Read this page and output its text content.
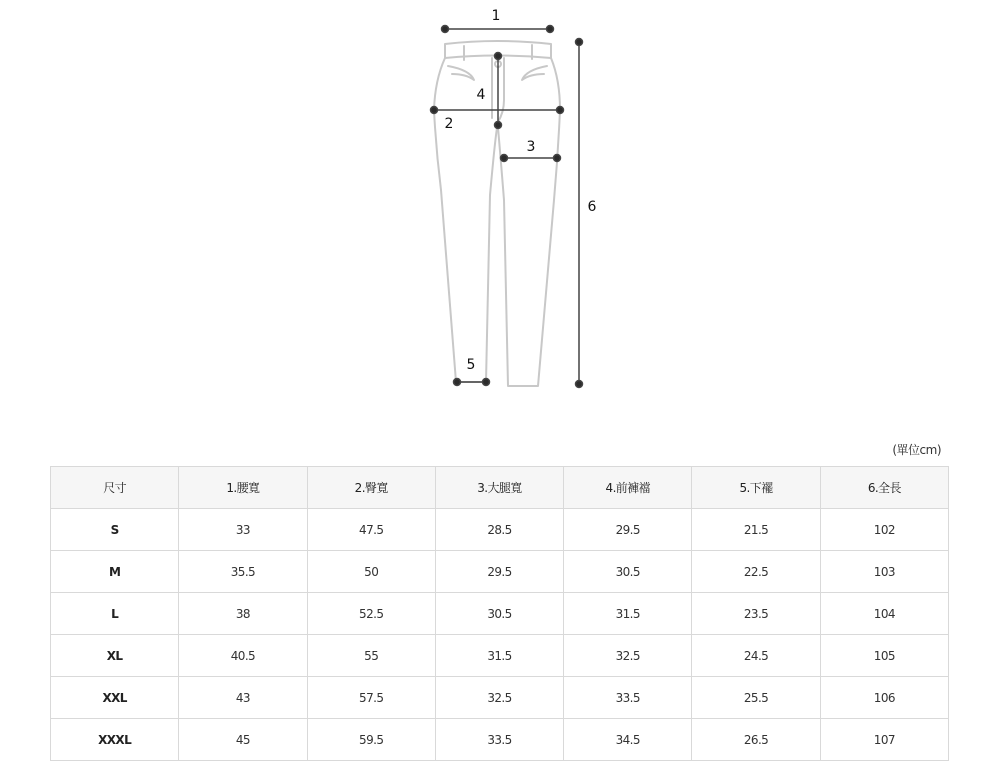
1
2
3
4
5
6
(單位cm)
尺寸	1.腰寬	2.臀寬	3.大腿寬	4.前褲襠	5.下襬	6.全長
S	33	47.5	28.5	29.5	21.5	102
M	35.5	50	29.5	30.5	22.5	103
L	38	52.5	30.5	31.5	23.5	104
XL	40.5	55	31.5	32.5	24.5	105
XXL	43	57.5	32.5	33.5	25.5	106
XXXL	45	59.5	33.5	34.5	26.5	107
